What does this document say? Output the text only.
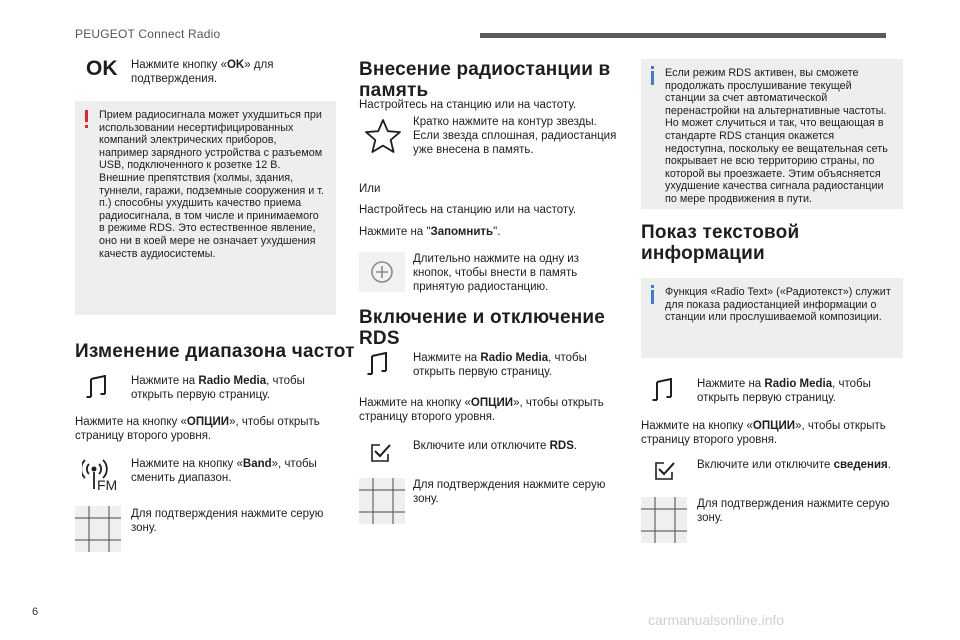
PEUGEOT Connect Radio
6	carmanualsonline.info
OK Нажмите кнопку «OK» для подтверждения.
Прием радиосигнала может ухудшиться при использовании несертифицированных компаний электрических приборов, например зарядного устройства с разъемом USB, подключенного к розетке 12 В.
Внешние препятствия (холмы, здания, туннели, гаражи, подземные сооружения и т. п.) способны ухудшить качество приема радиосигнала, в том числе и принимаемого в режиме RDS. Это естественное явление, оно ни в коей мере не означает ухудшения качеств аудиосистемы.
Изменение диапазона частот
Нажмите на Radio Media, чтобы открыть первую страницу.
Нажмите на кнопку «ОПЦИИ», чтобы открыть страницу второго уровня.
FM
Нажмите на кнопку «Band», чтобы сменить диапазон.
Для подтверждения нажмите серую зону.
Внесение радиостанции в память
Настройтесь на станцию или на частоту.
Кратко нажмите на контур звезды. Если звезда сплошная, радиостанция уже внесена в память.
Или
Настройтесь на станцию или на частоту.
Нажмите на "Запомнить".
Длительно нажмите на одну из кнопок, чтобы внести в память принятую радиостанцию.
Включение и отключение RDS
Нажмите на Radio Media, чтобы открыть первую страницу.
Нажмите на кнопку «ОПЦИИ», чтобы открыть страницу второго уровня.
Включите или отключите RDS.
Для подтверждения нажмите серую зону.
Если режим RDS активен, вы сможете продолжать прослушивание текущей станции за счет автоматической перенастройки на альтернативные частоты. Но может случиться и так, что вещающая в стандарте RDS станция окажется недоступна, поскольку ее вещательная сеть покрывает не всю территорию страны, по которой вы проезжаете. Этим объясняется ухудшение качества сигнала радиостанции по мере продвижения в пути.
Показ текстовой информации
Функция «Radio Text» («Радиотекст») служит для показа радиостанцией информации о станции или прослушиваемой композиции.
Нажмите на Radio Media, чтобы открыть первую страницу.
Нажмите на кнопку «ОПЦИИ», чтобы открыть страницу второго уровня.
Включите или отключите сведения.
Для подтверждения нажмите серую зону.
